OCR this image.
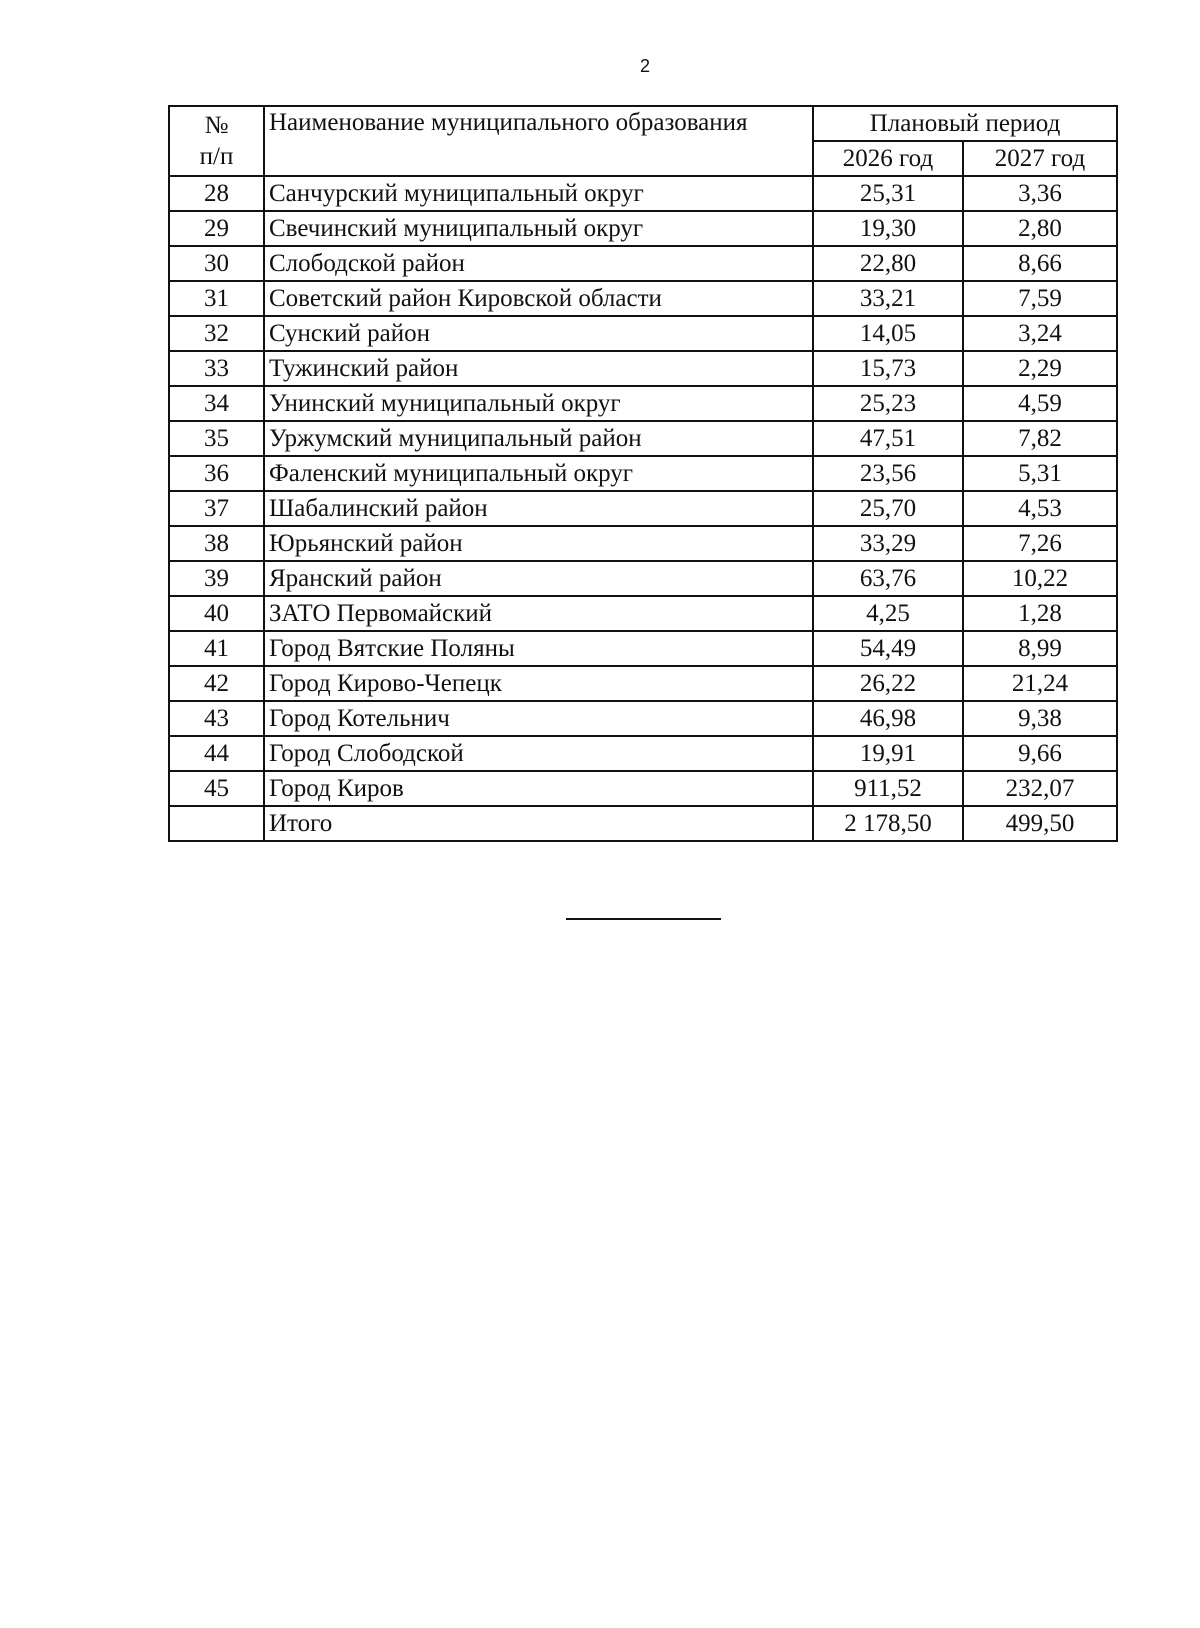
2
№
п/п	Наименование муниципального образования	Плановый период	
		2026 год	2027 год
28	Санчурский муниципальный округ	25,31	3,36
29	Свечинский муниципальный округ	19,30	2,80
30	Слободской район	22,80	8,66
31	Советский район Кировской области	33,21	7,59
32	Сунский район	14,05	3,24
33	Тужинский район	15,73	2,29
34	Унинский муниципальный округ	25,23	4,59
35	Уржумский муниципальный район	47,51	7,82
36	Фаленский муниципальный округ	23,56	5,31
37	Шабалинский район	25,70	4,53
38	Юрьянский район	33,29	7,26
39	Яранский район	63,76	10,22
40	ЗАТО Первомайский	4,25	1,28
41	Город Вятские Поляны	54,49	8,99
42	Город Кирово-Чепецк	26,22	21,24
43	Город Котельнич	46,98	9,38
44	Город Слободской	19,91	9,66
45	Город Киров	911,52	232,07
	Итого	2 178,50	499,50
